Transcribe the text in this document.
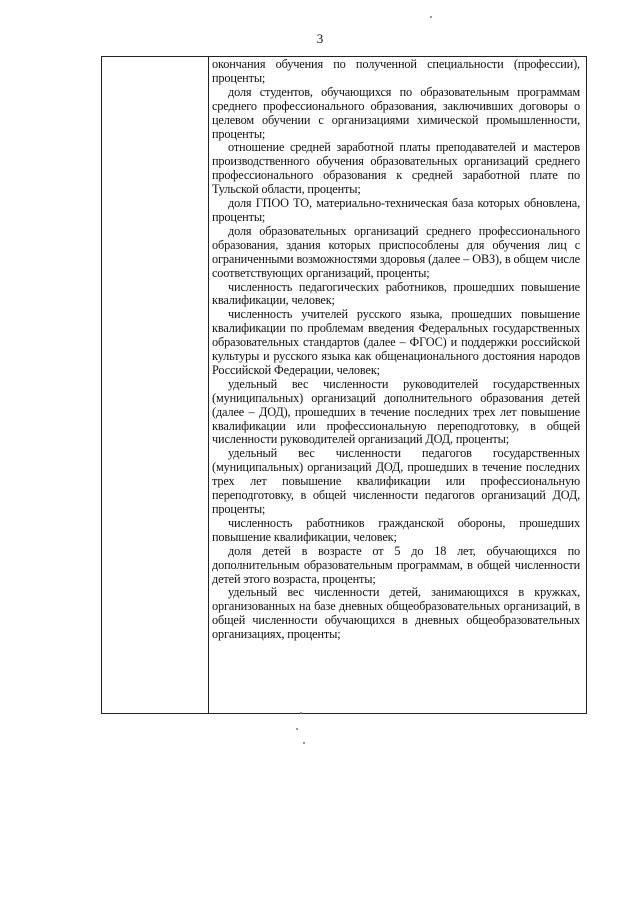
3

окончания обучения по полученной специальности (профессии), проценты;

доля студентов, обучающихся по образовательным программам среднего профессионального образования, заключивших договоры о целевом обучении с организациями химической промышленности, проценты;

отношение средней заработной платы преподавателей и мастеров производственного обучения образовательных организаций среднего профессионального образования к средней заработной плате по Тульской области, проценты;

доля ГПОО ТО, материально-техническая база которых обновлена, проценты;

доля образовательных организаций среднего профессионального образования, здания которых приспособлены для обучения лиц с ограниченными возможностями здоровья (далее – ОВЗ), в общем числе соответствующих организаций, проценты;

численность педагогических работников, прошедших повышение квалификации, человек;

численность учителей русского языка, прошедших повышение квалификации по проблемам введения Федеральных государственных образовательных стандартов (далее – ФГОС) и поддержки российской культуры и русского языка как общенационального достояния народов Российской Федерации, человек;

удельный вес численности руководителей государственных (муниципальных) организаций дополнительного образования детей (далее – ДОД), прошедших в течение последних трех лет повышение квалификации или профессиональную переподготовку, в общей численности руководителей организаций ДОД, проценты;

удельный вес численности педагогов государственных (муниципальных) организаций ДОД, прошедших в течение последних трех лет повышение квалификации или профессиональную переподготовку, в общей численности педагогов организаций ДОД, проценты;

численность работников гражданской обороны, прошедших повышение квалификации, человек;

доля детей в возрасте от 5 до 18 лет, обучающихся по дополнительным образовательным программам, в общей численности детей этого возраста, проценты;

удельный вес численности детей, занимающихся в кружках, организованных на базе дневных общеобразовательных организаций, в общей численности обучающихся в дневных общеобразовательных организациях, проценты;
